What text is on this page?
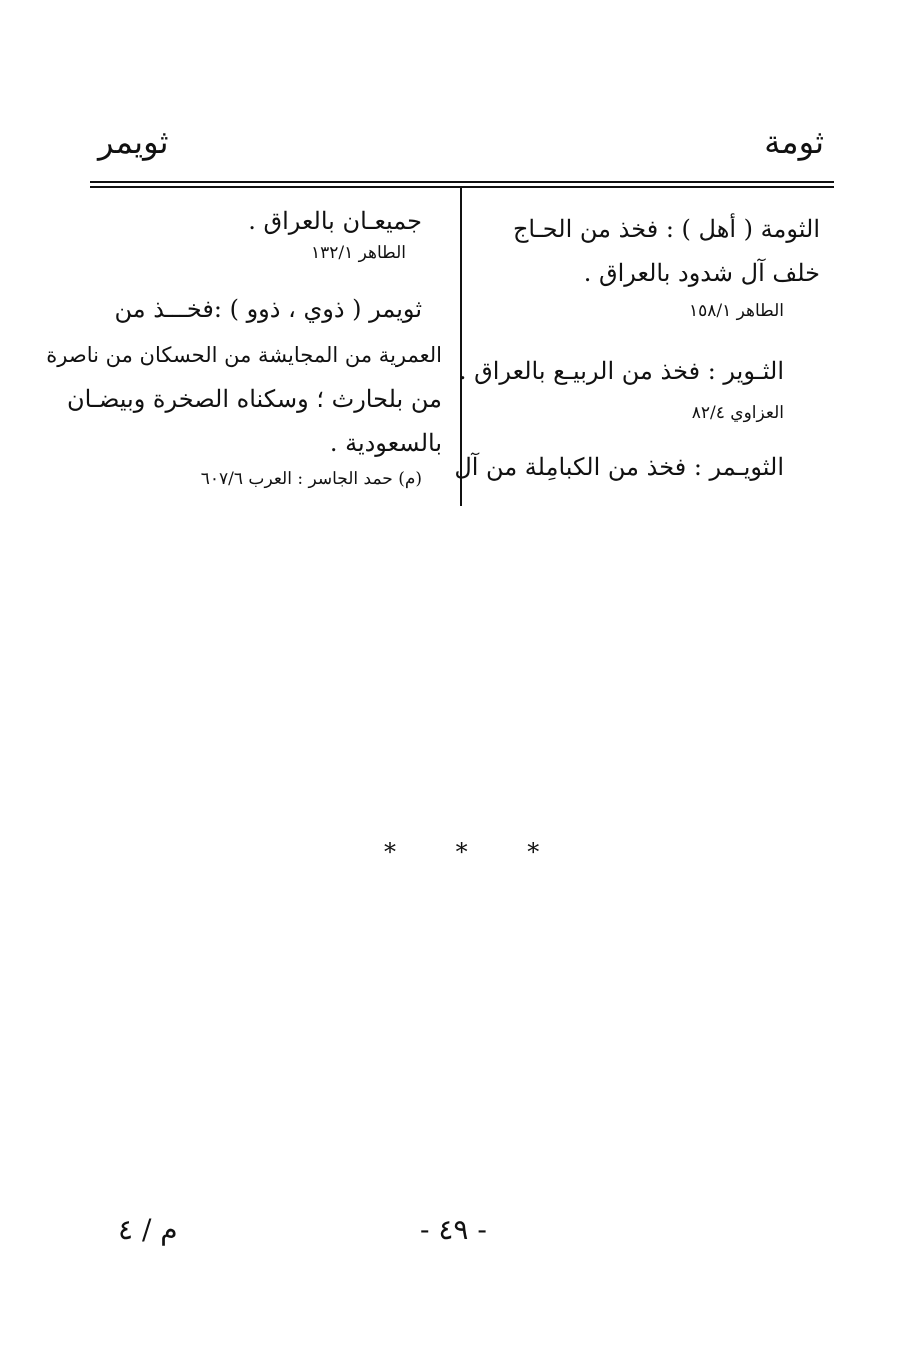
ثومة
ثويمر
الثومة ( أهل ) : فخذ من الحـاج
خلف آل شدود بالعراق .
الطاهر ١٥٨/١
الثـوير : فخذ من الربيـع بالعراق .
العزاوي ٨٢/٤
الثويـمر : فخذ من الكبامِلة من آل
جميعـان بالعراق .
الطاهر ١٣٢/١
ثويمر ( ذوي ، ذوو ) :فخـــذ من
العمرية من المجايشة من الحسكان من ناصرة
من بلحارث ؛ وسكناه الصخرة وبيضـان
بالسعودية .
(م) حمد الجاسر : العرب ٦٠٧/٦
* * *
- ٤٩ -
م / ٤
